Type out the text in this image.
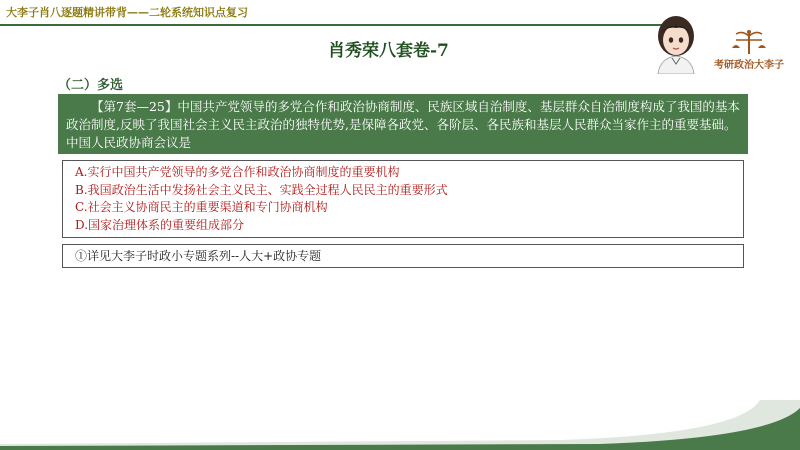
大李子肖八逐题精讲带背——二轮系统知识点复习
肖秀荣八套卷-7
考研政治大李子
（二）多选

【第7套—25】中国共产党领导的多党合作和政治协商制度、民族区域自治制度、基层群众自治制度构成了我国的基本政治制度,反映了我国社会主义民主政治的独特优势,是保障各政党、各阶层、各民族和基层人民群众当家作主的重要基础。中国人民政协商会议是

A.实行中国共产党领导的多党合作和政治协商制度的重要机构
B.我国政治生活中发扬社会主义民主、实践全过程人民民主的重要形式
C.社会主义协商民主的重要渠道和专门协商机构
D.国家治理体系的重要组成部分
①详见大李子时政小专题系列--人大+政协专题
